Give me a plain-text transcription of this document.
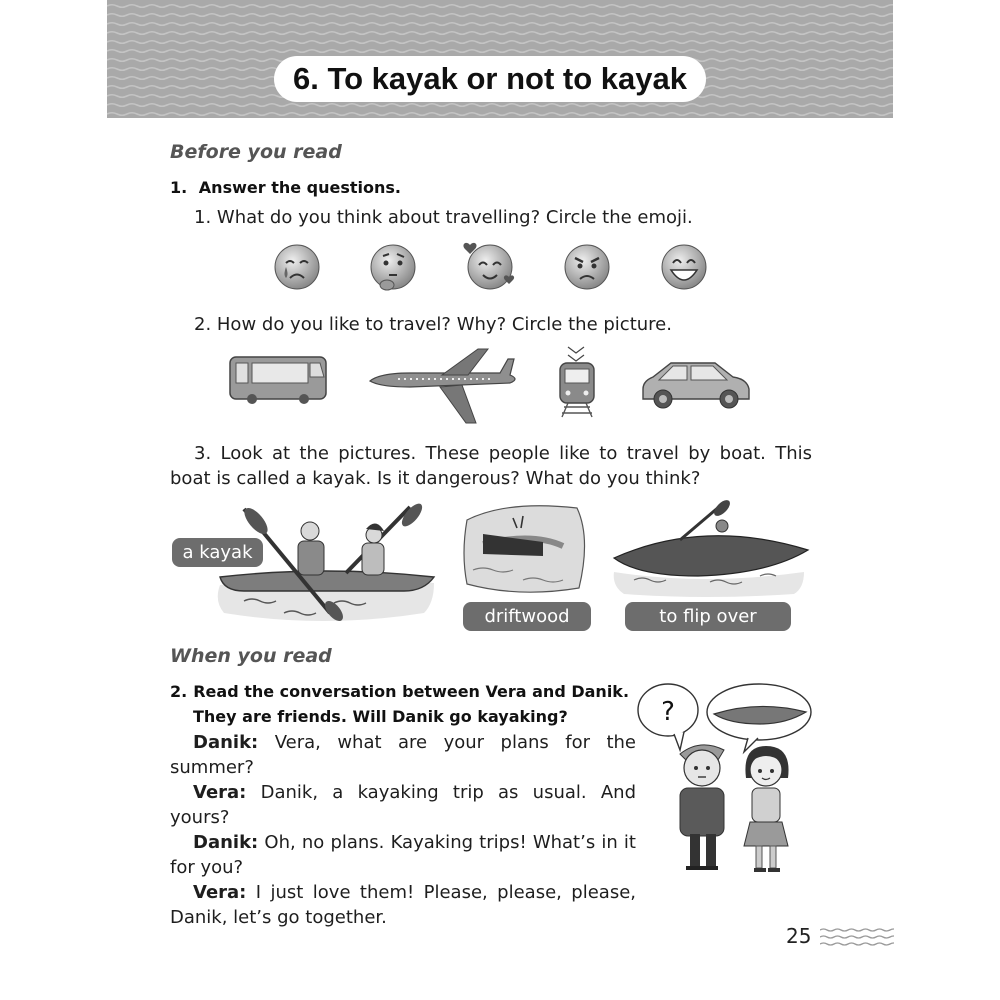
6. To kayak or not to kayak
Before you read
1. Answer the questions.
1. What do you think about travelling? Circle the emoji.
2. How do you like to travel? Why? Circle the picture.
3. Look at the pictures. These people like to travel by boat. This boat is called a kayak. Is it dangerous? What do you think?
a kayak
driftwood	to flip over
When you read
2. Read the conversation between Vera and Danik.
They are friends. Will Danik go kayaking?

Danik: Vera, what are your plans for the summer?

Vera: Danik, a kayaking trip as usual. And yours?

Danik: Oh, no plans. Kayaking trips! What’s in it for you?

Vera: I just love them! Please, please, please, Danik, let’s go together.

?
25
